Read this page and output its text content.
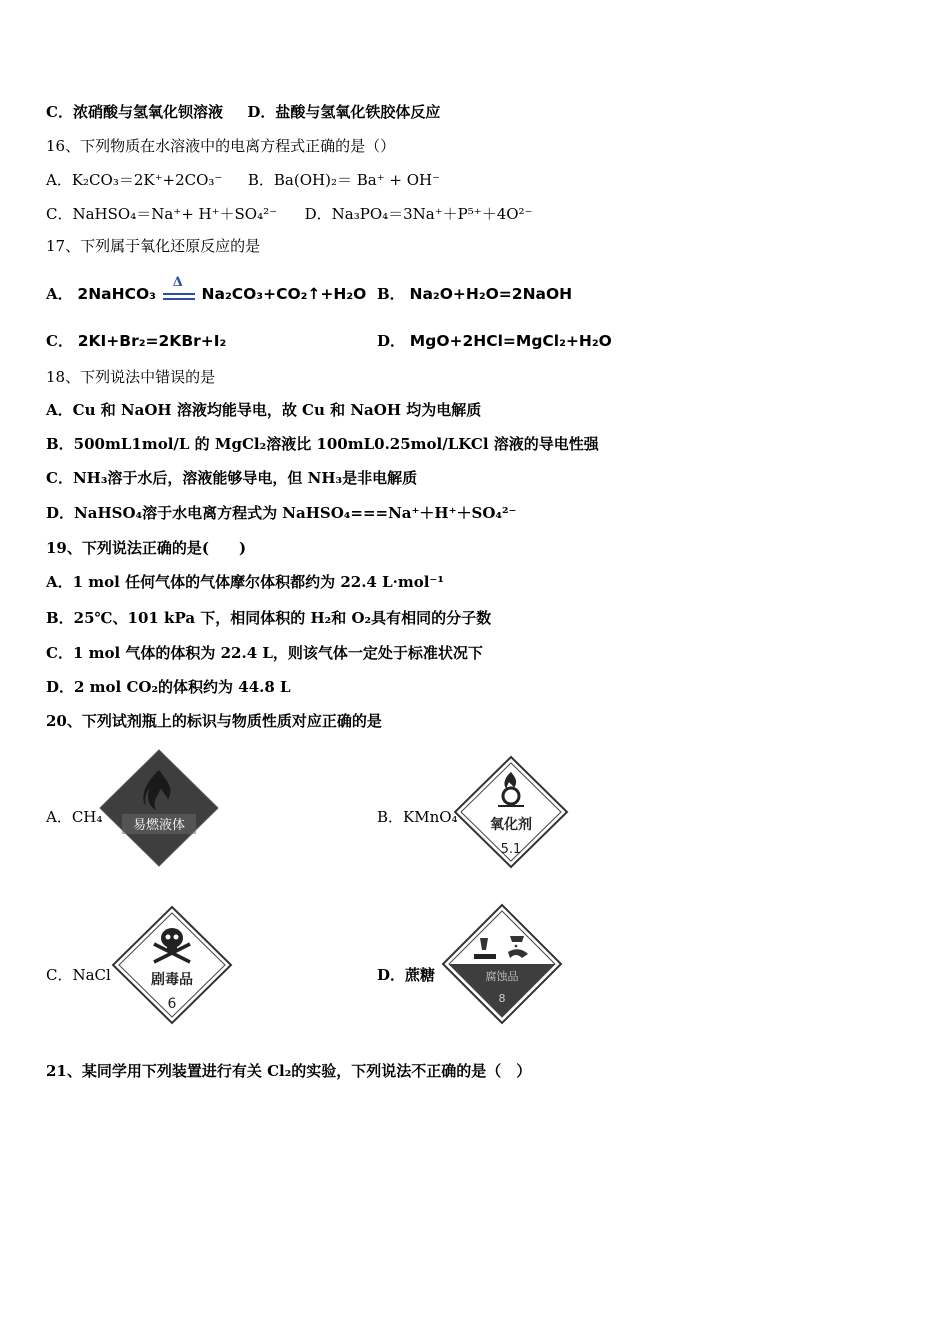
C．浓硝酸与氢氧化钡溶液 D．盐酸与氢氧化铁胶体反应
16、下列物质在水溶液中的电离方程式正确的是（）
A．K₂CO₃＝2K⁺+2CO₃⁻ B．Ba(OH)₂＝ Ba⁺ + OH⁻
C．NaHSO₄＝Na⁺+ H⁺＋SO₄²⁻ D．Na₃PO₄＝3Na⁺＋P⁵⁺＋4O²⁻
17、下列属于氧化还原反应的是
A． 2NaHCO₃
Δ
Na₂CO₃+CO₂↑+H₂O B． Na₂O+H₂O=2NaOH
C． 2KI+Br₂=2KBr+I₂	D． MgO+2HCl=MgCl₂+H₂O
18、下列说法中错误的是
A．Cu 和 NaOH 溶液均能导电，故 Cu 和 NaOH 均为电解质
B．500mL1mol/L 的 MgCl₂溶液比 100mL0.25mol/LKCl 溶液的导电性强
C．NH₃溶于水后，溶液能够导电，但 NH₃是非电解质
D．NaHSO₄溶于水电离方程式为 NaHSO₄===Na⁺＋H⁺＋SO₄²⁻
19、下列说法正确的是(　　)
A．1 mol 任何气体的气体摩尔体积都约为 22.4 L·mol⁻¹
B．25℃、101 kPa 下，相同体积的 H₂和 O₂具有相同的分子数
C．1 mol 气体的体积为 22.4 L，则该气体一定处于标准状况下
D．2 mol CO₂的体积约为 44.8 L
20、下列试剂瓶上的标识与物质性质对应正确的是
A．CH₄ 易燃液体	B．KMnO₄ 氧化剂
5.1
C．NaCl	剧毒品
6
D．蔗糖	腐蚀品
8
21、某同学用下列装置进行有关 Cl₂的实验，下列说法不正确的是（　）
